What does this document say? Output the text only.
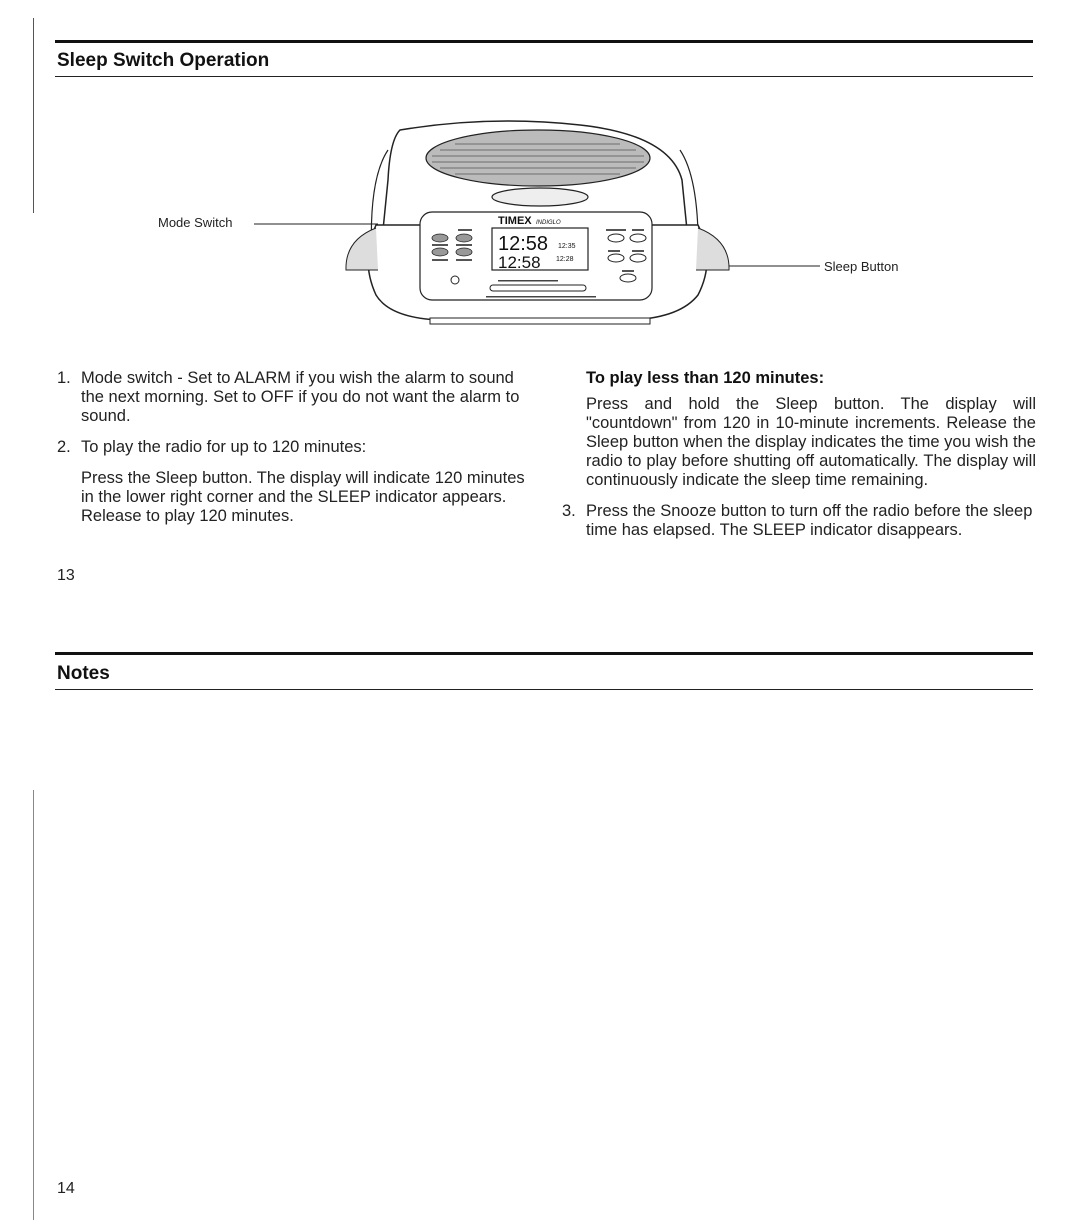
Sleep Switch Operation
Mode Switch
Sleep Button
TIMEX INDIGLO
12:58
12:58
12:35
12:28
1. Mode switch - Set to ALARM if you wish the alarm to sound the next morning. Set to OFF if you do not want the alarm to sound.
2. To play the radio for up to 120 minutes:
Press the Sleep button. The display will indicate 120 minutes in the lower right corner and the SLEEP indicator appears. Release to play 120 minutes.
To play less than 120 minutes:
Press and hold the Sleep button. The display will "countdown" from 120 in 10-minute increments. Release the Sleep button when the display indicates the time you wish the radio to play before shutting off automatically. The display will continuously indicate the sleep time remaining.
3. Press the Snooze button to turn off the radio before the sleep time has elapsed. The SLEEP indicator disappears.
13
Notes
14
